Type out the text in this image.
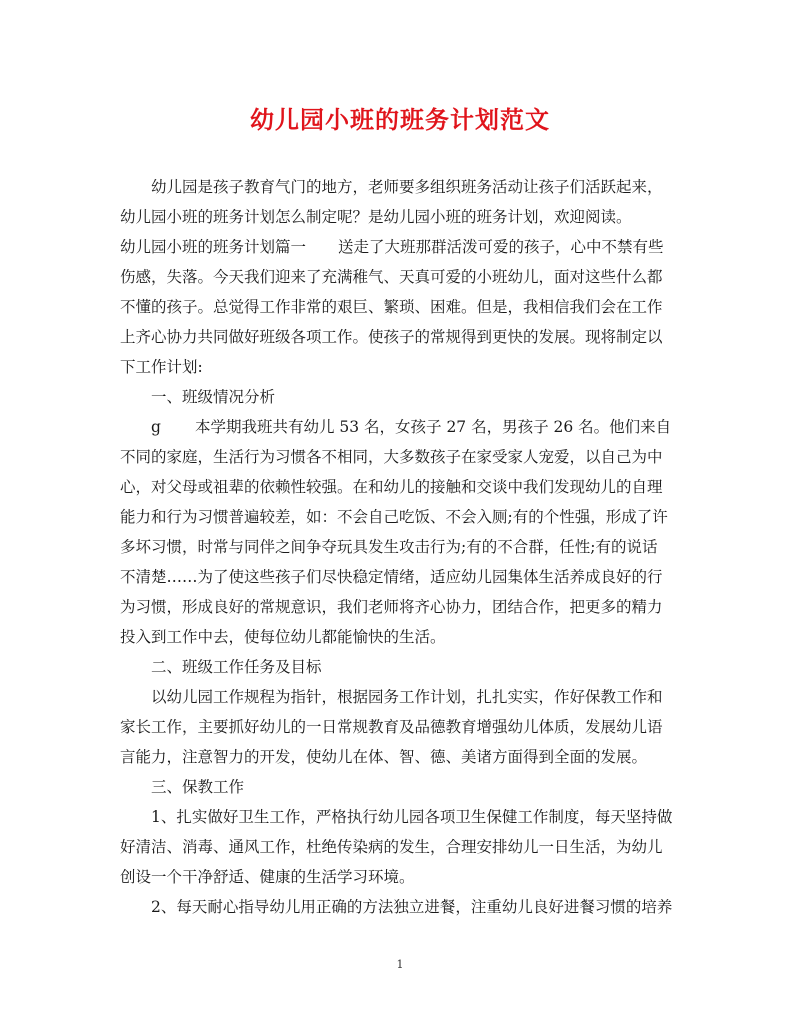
幼儿园小班的班务计划范文
幼儿园是孩子教育气门的地方，老师要多组织班务活动让孩子们活跃起来，
幼儿园小班的班务计划怎么制定呢？是幼儿园小班的班务计划，欢迎阅读。
幼儿园小班的班务计划篇一 送走了大班那群活泼可爱的孩子，心中不禁有些
伤感，失落。今天我们迎来了充满稚气、天真可爱的小班幼儿，面对这些什么都
不懂的孩子。总觉得工作非常的艰巨、繁琐、困难。但是，我相信我们会在工作
上齐心协力共同做好班级各项工作。使孩子的常规得到更快的发展。现将制定以
下工作计划:
一、班级情况分析
g 本学期我班共有幼儿 53 名，女孩子 27 名，男孩子 26 名。他们来自
不同的家庭，生活行为习惯各不相同，大多数孩子在家受家人宠爱，以自己为中
心，对父母或祖辈的依赖性较强。在和幼儿的接触和交谈中我们发现幼儿的自理
能力和行为习惯普遍较差，如：不会自己吃饭、不会入厕;有的个性强，形成了许
多坏习惯，时常与同伴之间争夺玩具发生攻击行为;有的不合群，任性;有的说话
不清楚……为了使这些孩子们尽快稳定情绪，适应幼儿园集体生活养成良好的行
为习惯，形成良好的常规意识，我们老师将齐心协力，团结合作，把更多的精力
投入到工作中去，使每位幼儿都能愉快的生活。
二、班级工作任务及目标
以幼儿园工作规程为指针，根据园务工作计划，扎扎实实，作好保教工作和
家长工作，主要抓好幼儿的一日常规教育及品德教育增强幼儿体质，发展幼儿语
言能力，注意智力的开发，使幼儿在体、智、德、美诸方面得到全面的发展。
三、保教工作
1、扎实做好卫生工作，严格执行幼儿园各项卫生保健工作制度，每天坚持做
好清洁、消毒、通风工作，杜绝传染病的发生，合理安排幼儿一日生活，为幼儿
创设一个干净舒适、健康的生活学习环境。
2、每天耐心指导幼儿用正确的方法独立进餐，注重幼儿良好进餐习惯的培养
1
